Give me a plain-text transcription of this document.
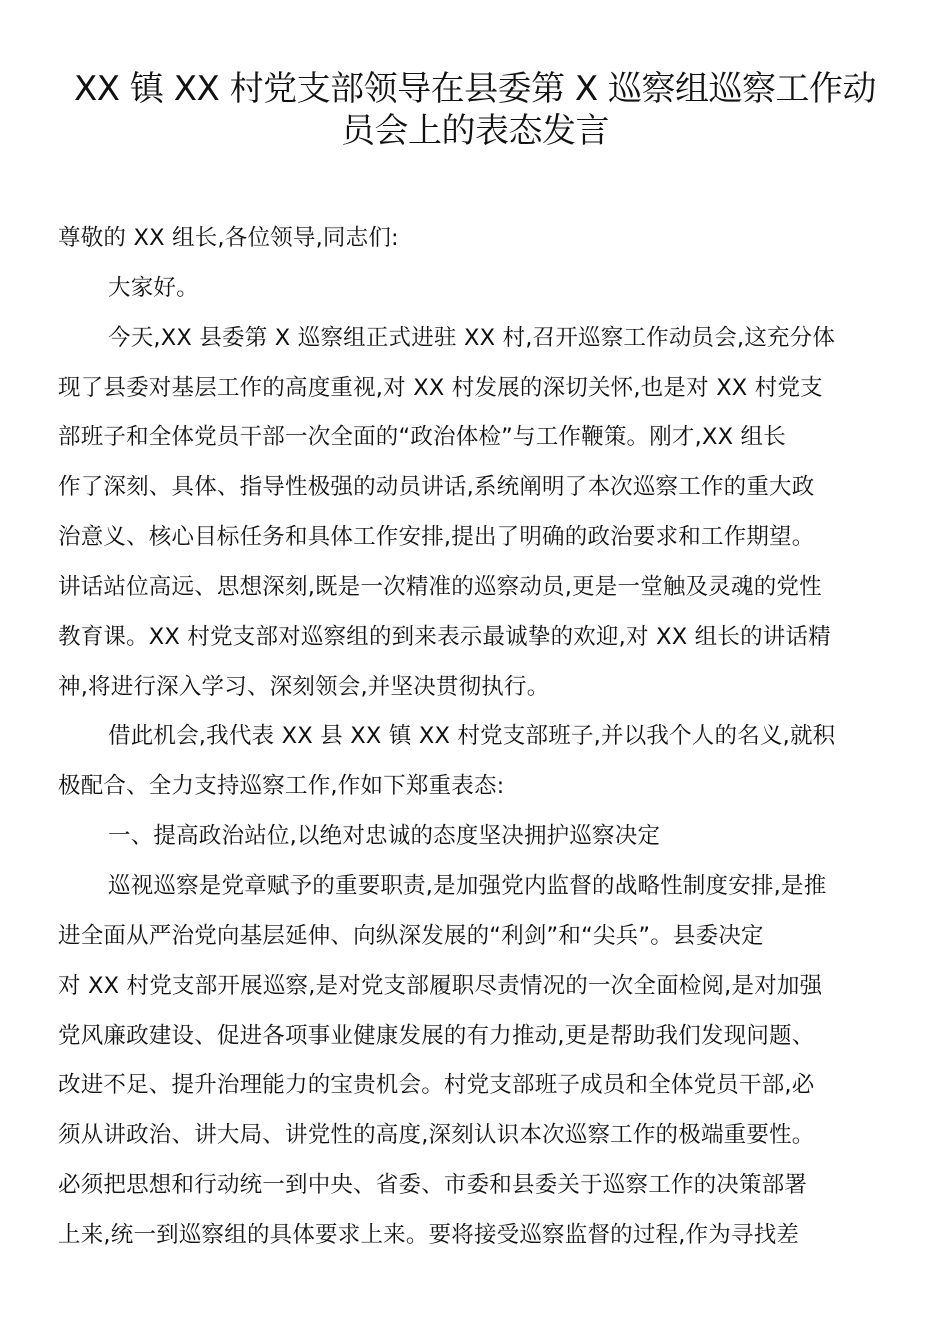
XX 镇 XX 村党支部领导在县委第 X 巡察组巡察工作动
员会上的表态发言
尊敬的 XX 组长,各位领导,同志们:
大家好。
今天,XX 县委第 X 巡察组正式进驻 XX 村,召开巡察工作动员会,这充分体
现了县委对基层工作的高度重视,对 XX 村发展的深切关怀,也是对 XX 村党支
部班子和全体党员干部一次全面的“政治体检”与工作鞭策。刚才,XX 组长
作了深刻、具体、指导性极强的动员讲话,系统阐明了本次巡察工作的重大政
治意义、核心目标任务和具体工作安排,提出了明确的政治要求和工作期望。
讲话站位高远、思想深刻,既是一次精准的巡察动员,更是一堂触及灵魂的党性
教育课。XX 村党支部对巡察组的到来表示最诚挚的欢迎,对 XX 组长的讲话精
神,将进行深入学习、深刻领会,并坚决贯彻执行。
借此机会,我代表 XX 县 XX 镇 XX 村党支部班子,并以我个人的名义,就积
极配合、全力支持巡察工作,作如下郑重表态:
一、提高政治站位,以绝对忠诚的态度坚决拥护巡察决定
巡视巡察是党章赋予的重要职责,是加强党内监督的战略性制度安排,是推
进全面从严治党向基层延伸、向纵深发展的“利剑”和“尖兵”。县委决定
对 XX 村党支部开展巡察,是对党支部履职尽责情况的一次全面检阅,是对加强
党风廉政建设、促进各项事业健康发展的有力推动,更是帮助我们发现问题、
改进不足、提升治理能力的宝贵机会。村党支部班子成员和全体党员干部,必
须从讲政治、讲大局、讲党性的高度,深刻认识本次巡察工作的极端重要性。
必须把思想和行动统一到中央、省委、市委和县委关于巡察工作的决策部署
上来,统一到巡察组的具体要求上来。要将接受巡察监督的过程,作为寻找差
